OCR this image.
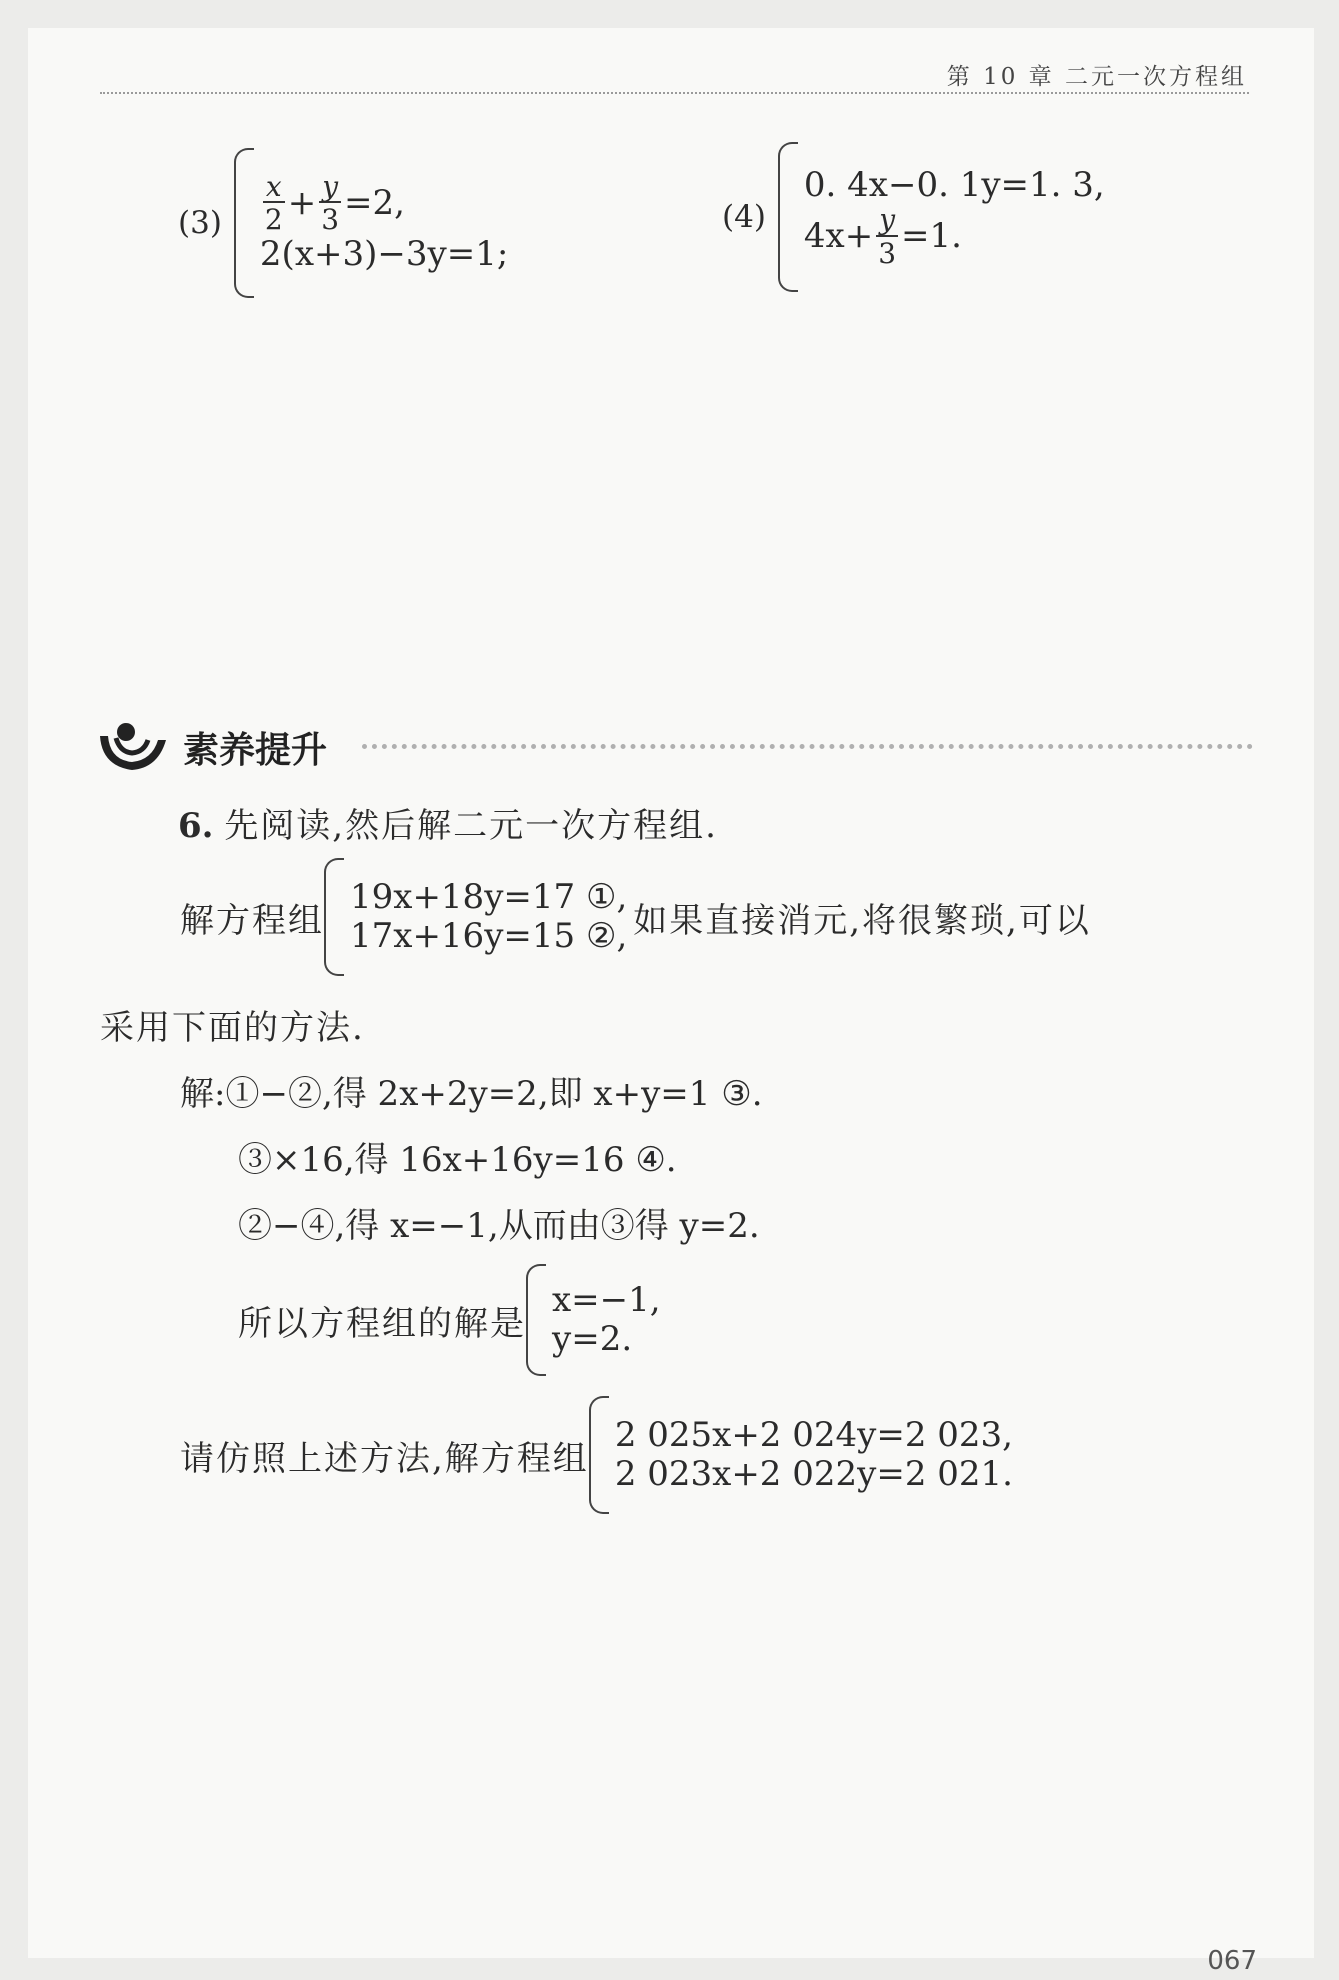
第 10 章 二元一次方程组
$(3) \frac{x}{2} + \frac{y}{3} =2$,
2(x+3)−3y=1;
(4)
0. 4x−0. 1y=1. 3,
$4x+ \frac{y}{3} =1$.
素养提升
6. 先阅读,然后解二元一次方程组.
解方程组
19x+18y=17 ①,
17x+16y=15 ②, 如果直接消元,将很繁琐,可以
采用下面的方法.
解:①−②,得 2x+2y=2,即 x+y=1 ③.
③×16,得 16x+16y=16 ④.
②−④,得 x=−1,从而由③得 y=2.
所以方程组的解是
x=−1,
y=2.
请仿照上述方法,解方程组
2 025x+2 024y=2 023,
2 023x+2 022y=2 021.
067
